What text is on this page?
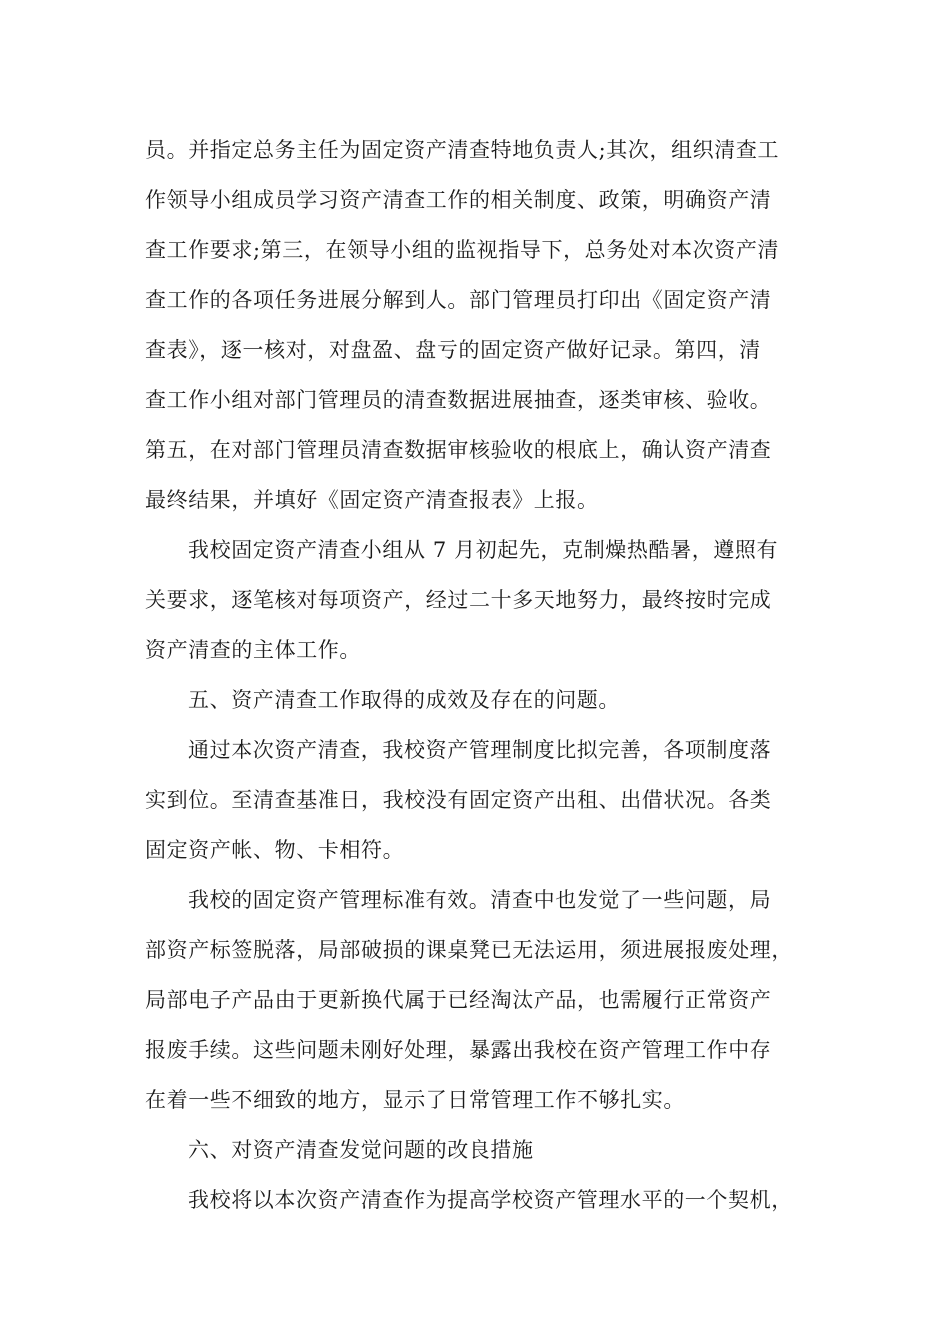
员。并指定总务主任为固定资产清查特地负责人;其次，组织清查工
作领导小组成员学习资产清查工作的相关制度、政策，明确资产清
查工作要求;第三，在领导小组的监视指导下，总务处对本次资产清
查工作的各项任务进展分解到人。部门管理员打印出《固定资产清
查表》，逐一核对，对盘盈、盘亏的固定资产做好记录。第四，清
查工作小组对部门管理员的清查数据进展抽查，逐类审核、验收。
第五，在对部门管理员清查数据审核验收的根底上，确认资产清查
最终结果，并填好《固定资产清查报表》上报。
我校固定资产清查小组从 7 月初起先，克制燥热酷暑，遵照有
关要求，逐笔核对每项资产，经过二十多天地努力，最终按时完成
资产清查的主体工作。
五、资产清查工作取得的成效及存在的问题。
通过本次资产清查，我校资产管理制度比拟完善，各项制度落
实到位。至清查基准日，我校没有固定资产出租、出借状况。各类
固定资产帐、物、卡相符。
我校的固定资产管理标准有效。清查中也发觉了一些问题，局
部资产标签脱落，局部破损的课桌凳已无法运用，须进展报废处理，
局部电子产品由于更新换代属于已经淘汰产品，也需履行正常资产
报废手续。这些问题未刚好处理，暴露出我校在资产管理工作中存
在着一些不细致的地方，显示了日常管理工作不够扎实。
六、对资产清查发觉问题的改良措施
我校将以本次资产清查作为提高学校资产管理水平的一个契机，
